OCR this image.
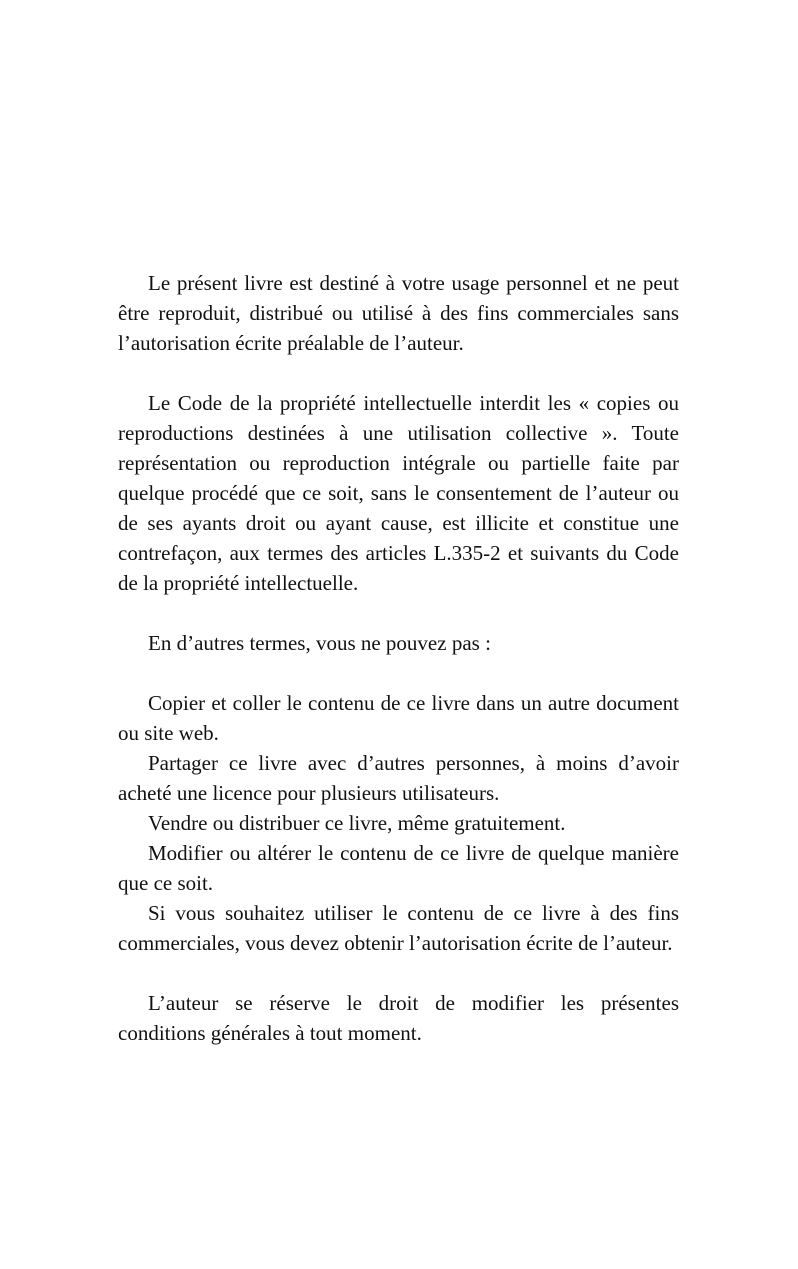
Le présent livre est destiné à votre usage personnel et ne peut être reproduit, distribué ou utilisé à des fins commerciales sans l’autorisation écrite préalable de l’auteur.

Le Code de la propriété intellectuelle interdit les « copies ou reproductions destinées à une utilisation collective ». Toute représentation ou reproduction intégrale ou partielle faite par quelque procédé que ce soit, sans le consentement de l’auteur ou de ses ayants droit ou ayant cause, est illicite et constitue une contrefaçon, aux termes des articles L.335-2 et suivants du Code de la propriété intellectuelle.

En d’autres termes, vous ne pouvez pas :

Copier et coller le contenu de ce livre dans un autre document ou site web.

Partager ce livre avec d’autres personnes, à moins d’avoir acheté une licence pour plusieurs utilisateurs.

Vendre ou distribuer ce livre, même gratuitement.

Modifier ou altérer le contenu de ce livre de quelque manière que ce soit.

Si vous souhaitez utiliser le contenu de ce livre à des fins commerciales, vous devez obtenir l’autorisation écrite de l’auteur.

L’auteur se réserve le droit de modifier les présentes conditions générales à tout moment.
